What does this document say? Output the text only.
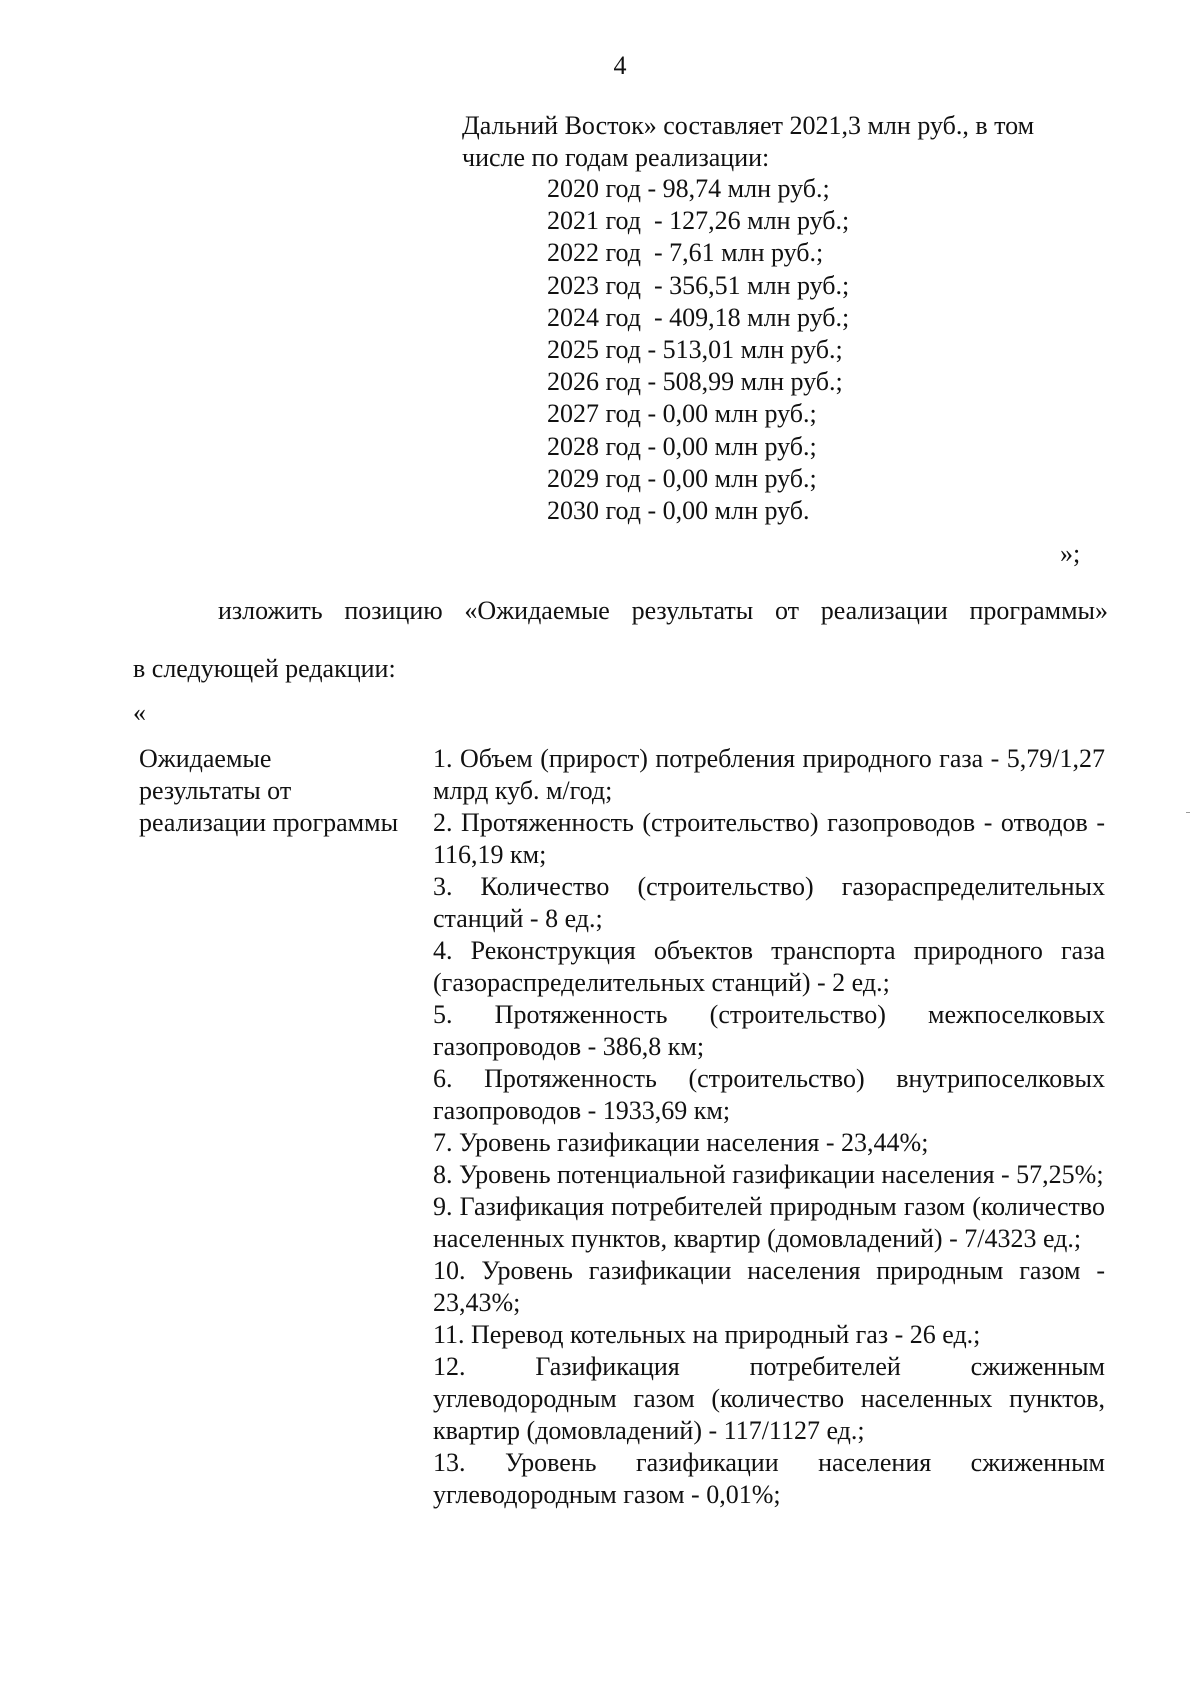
4
Дальний Восток» составляет 2021,3 млн руб., в том числе по годам реализации:
2020 год - 98,74 млн руб.;
2021 год  - 127,26 млн руб.;
2022 год  - 7,61 млн руб.;
2023 год  - 356,51 млн руб.;
2024 год  - 409,18 млн руб.;
2025 год - 513,01 млн руб.;
2026 год - 508,99 млн руб.;
2027 год - 0,00 млн руб.;
2028 год - 0,00 млн руб.;
2029 год - 0,00 млн руб.;
2030 год - 0,00 млн руб.
»;
изложить позицию «Ожидаемые результаты от реализации программы»
в следующей редакции:
«
Ожидаемые
результаты от
реализации программы
1. Объем (прирост) потребления природного газа - 5,79/1,27 млрд куб. м/год;
2. Протяженность (строительство) газопроводов - отводов - 116,19 км;
3. Количество (строительство) газораспределительных станций - 8 ед.;
4. Реконструкция объектов транспорта природного газа (газораспределительных станций) - 2 ед.;
5. Протяженность (строительство) межпоселковых газопроводов - 386,8 км;
6. Протяженность (строительство) внутрипоселковых газопроводов - 1933,69 км;
7. Уровень газификации населения - 23,44%;
8. Уровень потенциальной газификации населения - 57,25%;
9. Газификация потребителей природным газом (количество населенных пунктов, квартир (домовладений) - 7/4323 ед.;
10. Уровень газификации населения природным газом - 23,43%;
11. Перевод котельных на природный газ - 26 ед.;
12. Газификация потребителей сжиженным углеводородным газом (количество населенных пунктов, квартир (домовладений) - 117/1127 ед.;
13. Уровень газификации населения сжиженным углеводородным газом - 0,01%;
